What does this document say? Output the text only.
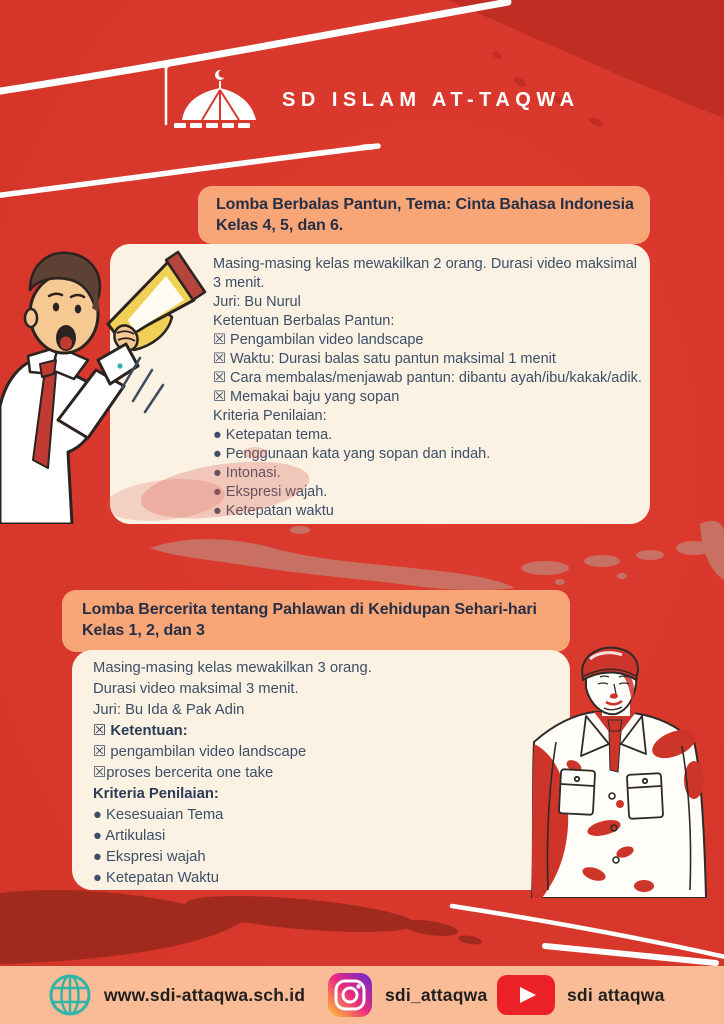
SD ISLAM AT-TAQWA
Lomba Berbalas Pantun, Tema: Cinta Bahasa Indonesia
Kelas 4, 5, dan 6.

Masing-masing kelas mewakilkan 2 orang. Durasi video maksimal 3 menit.

Juri: Bu Nurul
Ketentuan Berbalas Pantun:
☒ Pengambilan video landscape
☒ Waktu: Durasi balas satu pantun maksimal 1 menit
☒ Cara membalas/menjawab pantun: dibantu ayah/ibu/kakak/adik.
☒ Memakai baju yang sopan
Kriteria Penilaian:
● Ketepatan tema.
● Penggunaan kata yang sopan dan indah.
● Intonasi.
● Ekspresi wajah.
● Ketepatan waktu
Lomba Bercerita tentang Pahlawan di Kehidupan Sehari-hari
Kelas 1, 2, dan 3
Masing-masing kelas mewakilkan 3 orang.
Durasi video maksimal 3 menit.
Juri: Bu Ida & Pak Adin
☒ Ketentuan:
☒ pengambilan video landscape
☒proses bercerita one take
Kriteria Penilaian:
● Kesesuaian Tema
● Artikulasi
● Ekspresi wajah
● Ketepatan Waktu
www.sdi-attaqwa.sch.id	sdi_attaqwa	sdi attaqwa
